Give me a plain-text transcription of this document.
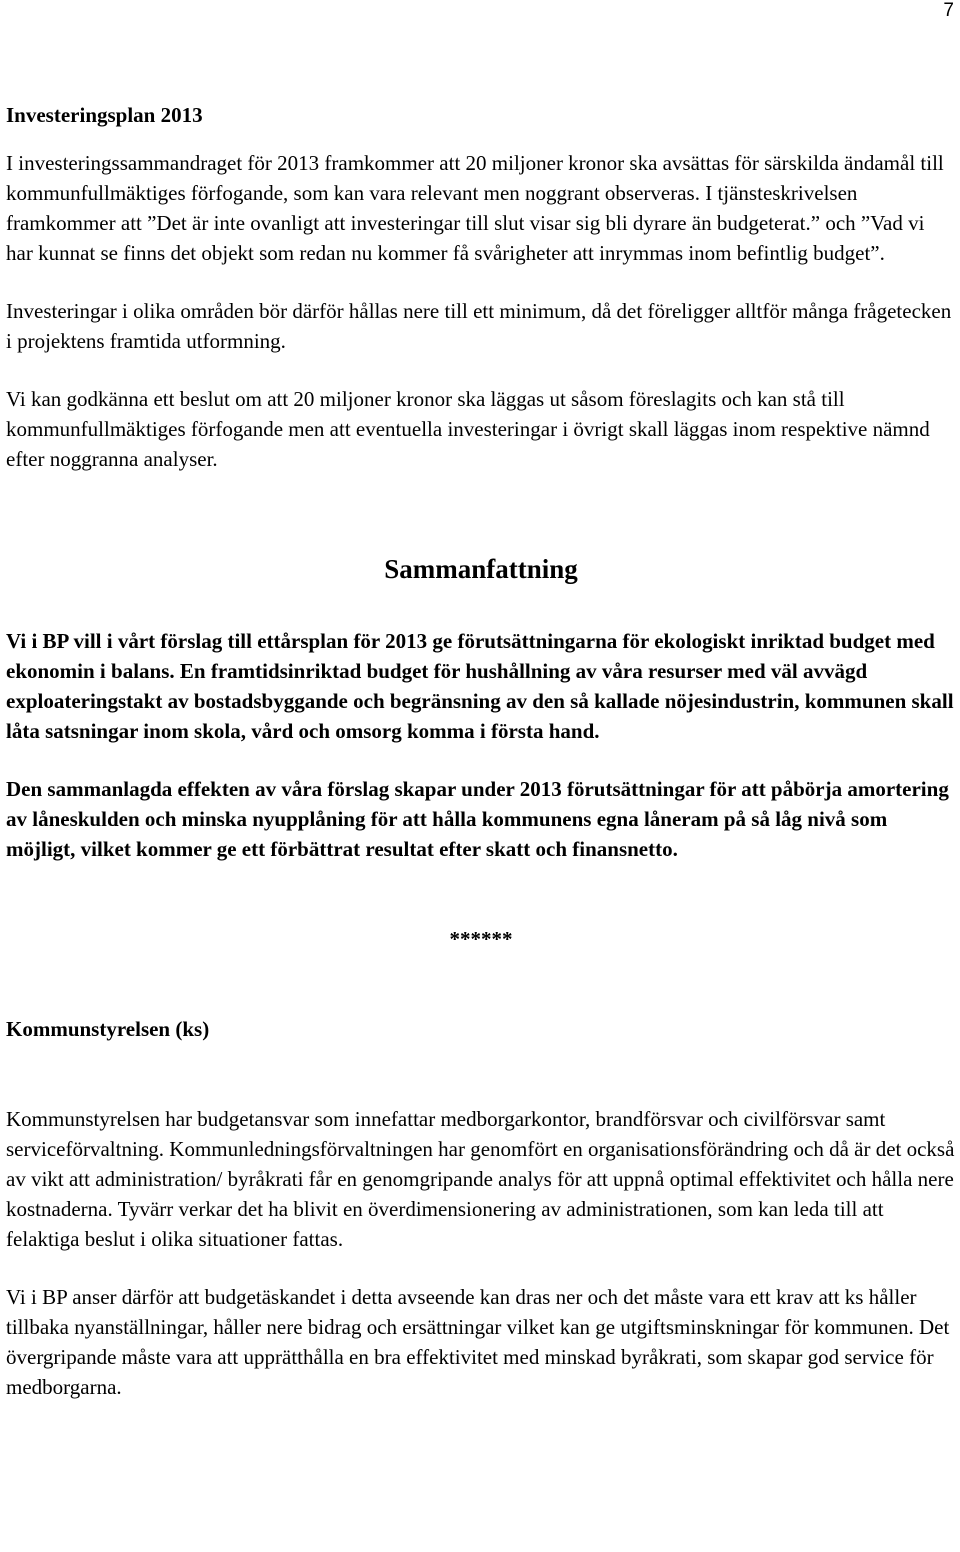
7
Investeringsplan 2013

I investeringssammandraget för 2013 framkommer att 20 miljoner kronor ska avsättas för särskilda ändamål till kommunfullmäktiges förfogande, som kan vara relevant men noggrant observeras. I tjänsteskrivelsen framkommer att ”Det är inte ovanligt att investeringar till slut visar sig bli dyrare än budgeterat.” och ”Vad vi har kunnat se finns det objekt som redan nu kommer få svårigheter att inrymmas inom befintlig budget”.

Investeringar i olika områden bör därför hållas nere till ett minimum, då det föreligger alltför många frågetecken i projektens framtida utformning.

Vi kan godkänna ett beslut om att 20 miljoner kronor ska läggas ut såsom föreslagits och kan stå till kommunfullmäktiges förfogande men att eventuella investeringar i övrigt skall läggas inom respektive nämnd efter noggranna analyser.

Sammanfattning

Vi i BP vill i vårt förslag till ettårsplan för 2013 ge förutsättningarna för ekologiskt inriktad budget med ekonomin i balans. En framtidsinriktad budget för hushållning av våra resurser med väl avvägd exploateringstakt av bostadsbyggande och begränsning av den så kallade nöjesindustrin, kommunen skall låta satsningar inom skola, vård och omsorg komma i första hand.

Den sammanlagda effekten av våra förslag skapar under 2013 förutsättningar för att påbörja amortering av låneskulden och minska nyupplåning för att hålla kommunens egna låneram på så låg nivå som möjligt, vilket kommer ge ett förbättrat resultat efter skatt och finansnetto.

******
Kommunstyrelsen (ks)

Kommunstyrelsen har budgetansvar som innefattar medborgarkontor, brandförsvar och civilförsvar samt serviceförvaltning. Kommunledningsförvaltningen har genomfört en organisationsförändring och då är det också av vikt att administration/ byråkrati får en genomgripande analys för att uppnå optimal effektivitet och hålla nere kostnaderna. Tyvärr verkar det ha blivit en överdimensionering av administrationen, som kan leda till att felaktiga beslut i olika situationer fattas.

Vi i BP anser därför att budgetäskandet i detta avseende kan dras ner och det måste vara ett krav att ks håller tillbaka nyanställningar, håller nere bidrag och ersättningar vilket kan ge utgiftsminskningar för kommunen. Det övergripande måste vara att upprätthålla en bra effektivitet med minskad byråkrati, som skapar god service för medborgarna.
